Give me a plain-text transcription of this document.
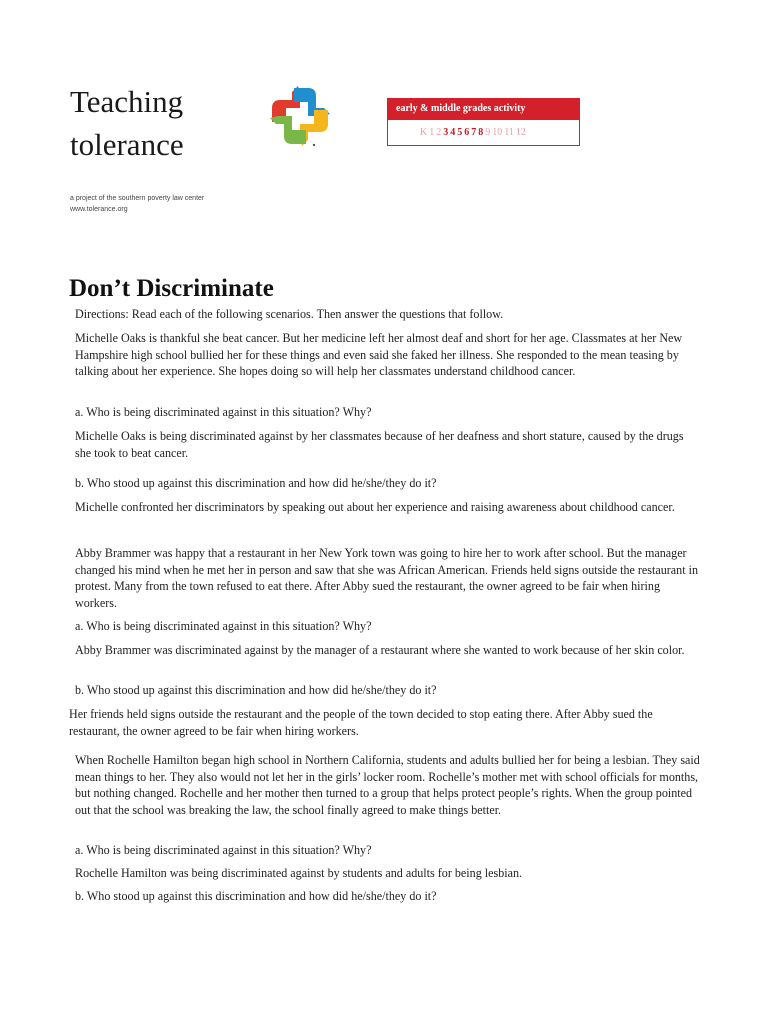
Teaching
tolerance
early & middle grades activity
K 1 2 3 4 5 6 7 8 9 10 11 12
a project of the southern poverty law center
www.tolerance.org
Don’t Discriminate

Directions: Read each of the following scenarios. Then answer the questions that follow.

Michelle Oaks is thankful she beat cancer. But her medicine left her almost deaf and short for her age. Classmates at her New Hampshire high school bullied her for these things and even said she faked her illness. She responded to the mean teasing by talking about her experience. She hopes doing so will help her classmates understand childhood cancer.

a. Who is being discriminated against in this situation? Why?

Michelle Oaks is being discriminated against by her classmates because of her deafness and short stature, caused by the drugs she took to beat cancer.

b. Who stood up against this discrimination and how did he/she/they do it?

Michelle confronted her discriminators by speaking out about her experience and raising awareness about childhood cancer.

Abby Brammer was happy that a restaurant in her New York town was going to hire her to work after school. But the manager changed his mind when he met her in person and saw that she was African American. Friends held signs outside the restaurant in protest. Many from the town refused to eat there. After Abby sued the restaurant, the owner agreed to be fair when hiring workers.

a. Who is being discriminated against in this situation? Why?

Abby Brammer was discriminated against by the manager of a restaurant where she wanted to work because of her skin color.

b. Who stood up against this discrimination and how did he/she/they do it?

Her friends held signs outside the restaurant and the people of the town decided to stop eating there. After Abby sued the restaurant, the owner agreed to be fair when hiring workers.

When Rochelle Hamilton began high school in Northern California, students and adults bullied her for being a lesbian. They said mean things to her. They also would not let her in the girls’ locker room. Rochelle’s mother met with school officials for months, but nothing changed. Rochelle and her mother then turned to a group that helps protect people’s rights. When the group pointed out that the school was breaking the law, the school finally agreed to make things better.

a. Who is being discriminated against in this situation? Why?

Rochelle Hamilton was being discriminated against by students and adults for being lesbian.

b. Who stood up against this discrimination and how did he/she/they do it?
